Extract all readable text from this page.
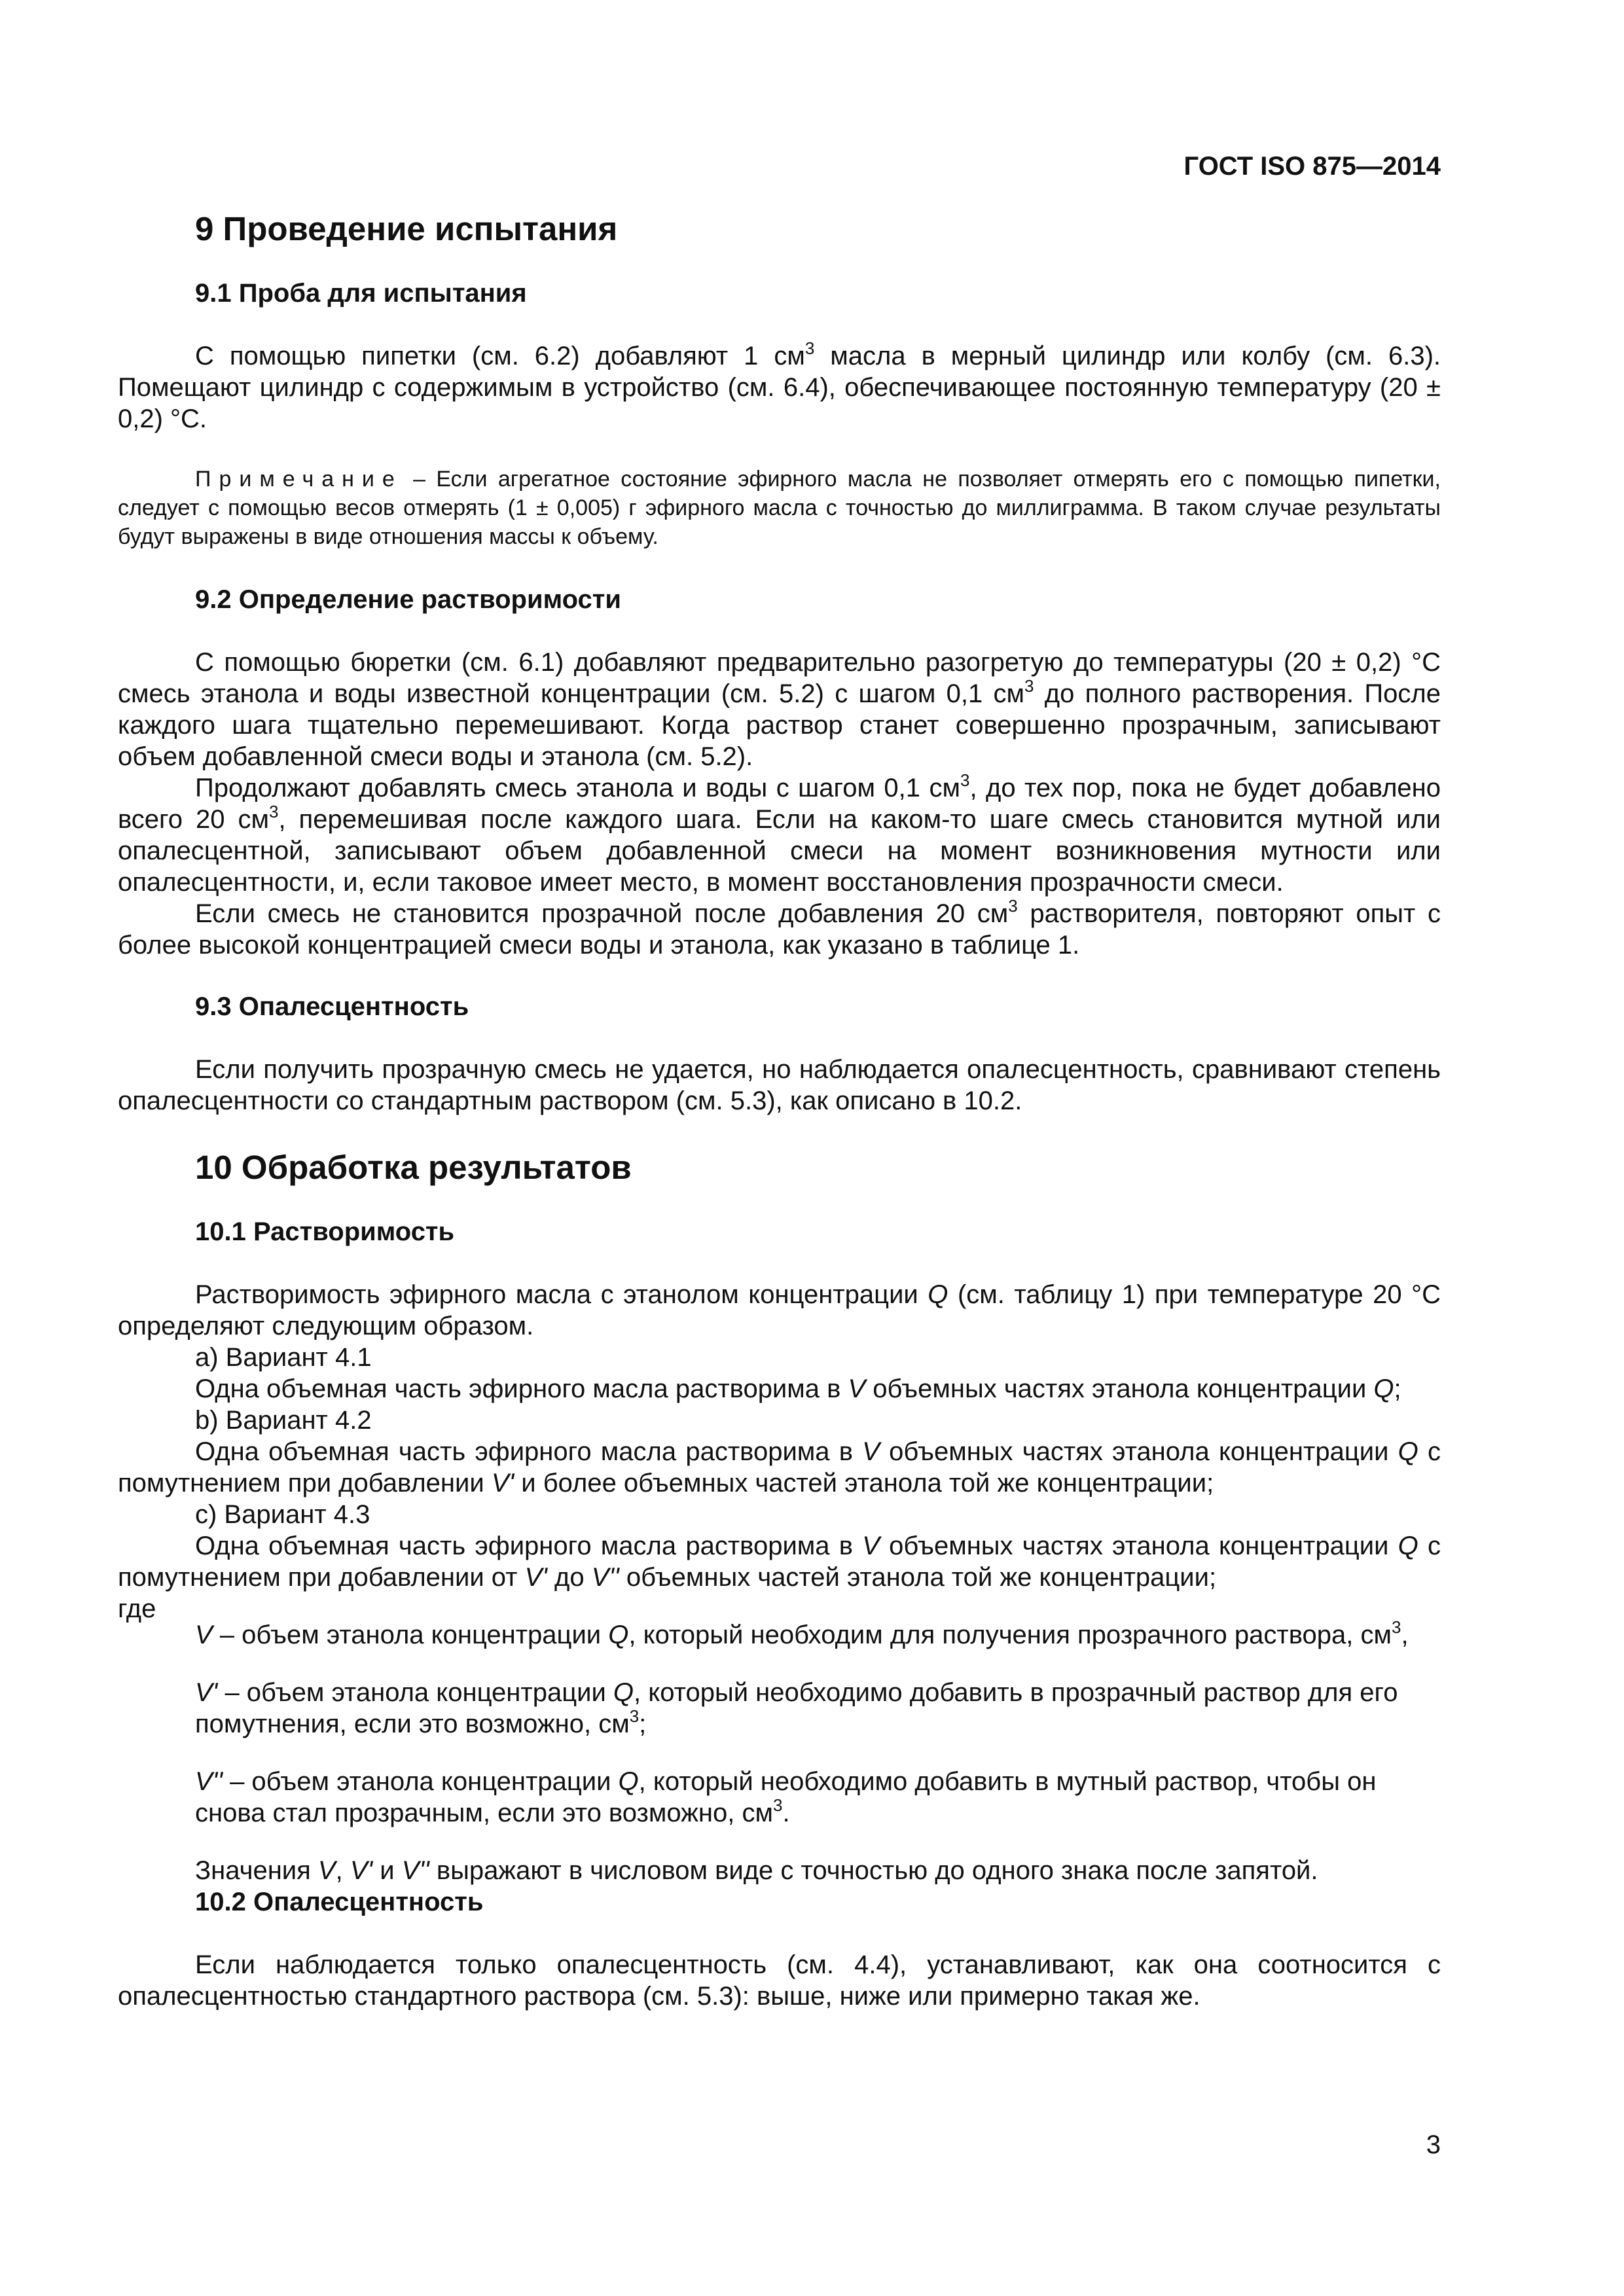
ГОСТ ISO 875—2014
9 Проведение испытания
9.1 Проба для испытания

С помощью пипетки (см. 6.2) добавляют 1 $см^3$ масла в мерный цилиндр или колбу (см. 6.3). Помещают цилиндр с содержимым в устройство (см. 6.4), обеспечивающее постоянную температуру (20 ± 0,2) °С.

Примечание – Если агрегатное состояние эфирного масла не позволяет отмерять его с помощью пипетки, следует с помощью весов отмерять (1 ± 0,005) г эфирного масла с точностью до миллиграмма. В таком случае результаты будут выражены в виде отношения массы к объему.

9.2 Определение растворимости

С помощью бюретки (см. 6.1) добавляют предварительно разогретую до температуры (20 ± 0,2) °С смесь этанола и воды известной концентрации (см. 5.2) с шагом 0,1 $см^3$ до полного растворения. После каждого шага тщательно перемешивают. Когда раствор станет совершенно прозрачным, записывают объем добавленной смеси воды и этанола (см. 5.2).

Продолжают добавлять смесь этанола и воды с шагом 0,1 $см^3$, до тех пор, пока не будет добавлено всего 20 $см^3$, перемешивая после каждого шага. Если на каком-то шаге смесь становится мутной или опалесцентной, записывают объем добавленной смеси на момент возникновения мутности или опалесцентности, и, если таковое имеет место, в момент восстановления прозрачности смеси.

Если смесь не становится прозрачной после добавления 20 $см^3$ растворителя, повторяют опыт с более высокой концентрацией смеси воды и этанола, как указано в таблице 1.

9.3 Опалесцентность

Если получить прозрачную смесь не удается, но наблюдается опалесцентность, сравнивают степень опалесцентности со стандартным раствором (см. 5.3), как описано в 10.2.

10 Обработка результатов
10.1 Растворимость

Растворимость эфирного масла с этанолом концентрации Q (см. таблицу 1) при температуре 20 °С определяют следующим образом.

a) Вариант 4.1

Одна объемная часть эфирного масла растворима в V объемных частях этанола концентрации Q;

b) Вариант 4.2

Одна объемная часть эфирного масла растворима в V объемных частях этанола концентрации Q с помутнением при добавлении V' и более объемных частей этанола той же концентрации;

c) Вариант 4.3

Одна объемная часть эфирного масла растворима в V объемных частях этанола концентрации Q с помутнением при добавлении от V' до V'' объемных частей этанола той же концентрации;

где

V – объем этанола концентрации Q, который необходим для получения прозрачного раствора, $см^3$,

V' – объем этанола концентрации Q, который необходимо добавить в прозрачный раствор для его помутнения, если это возможно, $см^3$;

V'' – объем этанола концентрации Q, который необходимо добавить в мутный раствор, чтобы он снова стал прозрачным, если это возможно, $см^3$.

Значения V, V' и V'' выражают в числовом виде с точностью до одного знака после запятой.

10.2 Опалесцентность

Если наблюдается только опалесцентность (см. 4.4), устанавливают, как она соотносится с опалесцентностью стандартного раствора (см. 5.3): выше, ниже или примерно такая же.

3
